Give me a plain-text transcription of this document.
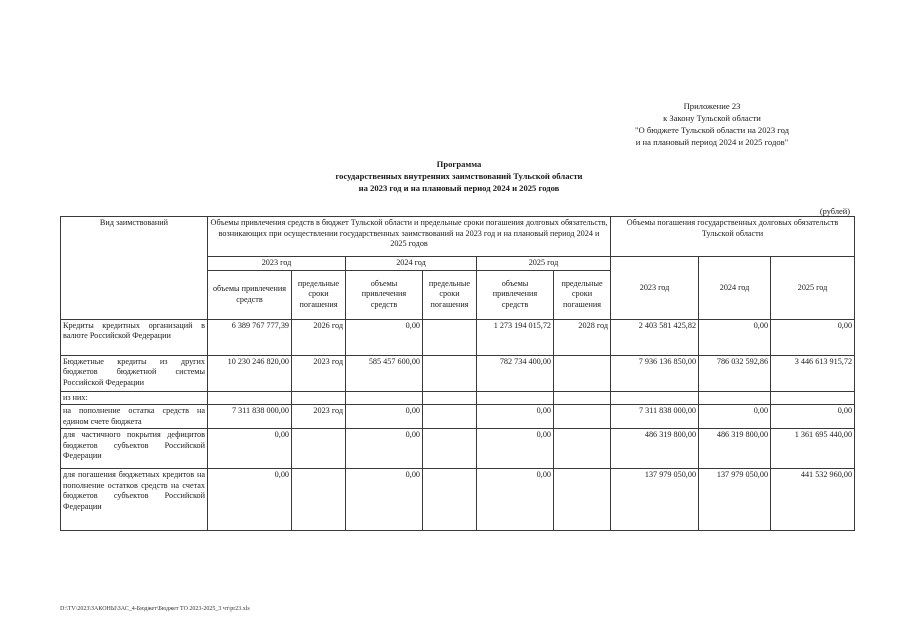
Приложение 23
к Закону Тульской области
"О бюджете Тульской области на 2023 год
и на плановый период 2024 и 2025 годов"
Программа
государственных внутренних заимствований Тульской области
на 2023 год и на плановый период 2024 и 2025 годов
(рублей)
Вид заимствований	Объемы привлечения средств в бюджет Тульской области и предельные сроки погашения долговых обязательств, возникающих при осуществлении государственных заимствований на 2023 год и на плановый период 2024 и 2025 годов						Объемы погашения государственных долговых обязательств Тульской области		
	2023 год		2024 год		2025 год		2023 год	2024 год	2025 год
	объемы привлечения средств	предельные сроки погашения	объемы привлечения средств	предельные сроки погашения	объемы привлечения средств	предельные сроки погашения			
Кредиты кредитных организаций в валюте Российской Федерации	6 389 767 777,39	2026 год	0,00		1 273 194 015,72	2028 год	2 403 581 425,82	0,00	0,00
Бюджетные кредиты из других бюджетов бюджетной системы Российской Федерации	10 230 246 820,00	2023 год	585 457 600,00		782 734 400,00		7 936 136 850,00	786 032 592,86	3 446 613 915,72
из них:									
на пополнение остатка средств на едином счете бюджета	7 311 838 000,00	2023 год	0,00		0,00		7 311 838 000,00	0,00	0,00
для частичного покрытия дефицитов бюджетов субъектов Российской Федерации	0,00		0,00		0,00		486 319 800,00	486 319 800,00	1 361 695 440,00
для погашения бюджетных кредитов на пополнение остатков средств на счетах бюджетов субъектов Российской Федерации	0,00		0,00		0,00		137 979 050,00	137 979 050,00	441 532 960,00
D:\TV\2023\ЗАКОНЫ\ЗАС_4-Бюджет\Бюджет ТО 2023-2025_3 чт\pr23.xls
